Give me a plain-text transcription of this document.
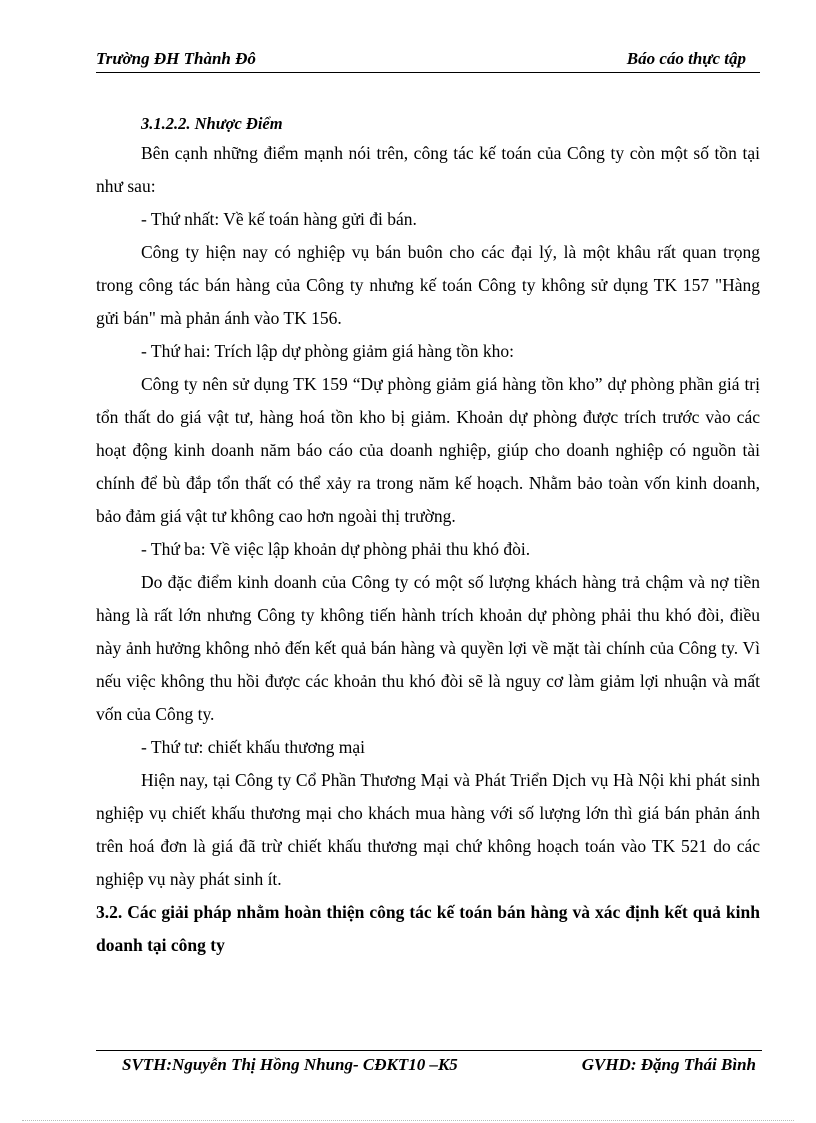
Trường ĐH Thành Đô	Báo cáo thực tập
3.1.2.2. Nhược Điểm

Bên cạnh những điểm mạnh nói trên, công tác kế toán của Công ty còn một số tồn tại như sau:

- Thứ nhất: Về kế toán hàng gửi đi bán.

Công ty hiện nay có nghiệp vụ bán buôn cho các đại lý, là một khâu rất quan trọng trong công tác bán hàng của Công ty nhưng kế toán Công ty không sử dụng TK 157 "Hàng gửi bán" mà phản ánh vào TK 156.

- Thứ hai: Trích lập dự phòng giảm giá hàng tồn kho:

Công ty nên sử dụng TK 159 “Dự phòng giảm giá hàng tồn kho” dự phòng phần giá trị tổn thất do giá vật tư, hàng hoá tồn kho bị giảm. Khoản dự phòng được trích trước vào các hoạt động kinh doanh năm báo cáo của doanh nghiệp, giúp cho doanh nghiệp có nguồn tài chính để bù đắp tổn thất có thể xảy ra trong năm kế hoạch. Nhằm bảo toàn vốn kinh doanh, bảo đảm giá vật tư không cao hơn ngoài thị trường.

- Thứ ba: Về việc lập khoản dự phòng phải thu khó đòi.

Do đặc điểm kinh doanh của Công ty có một số lượng khách hàng trả chậm và nợ tiền hàng là rất lớn nhưng Công ty không tiến hành trích khoản dự phòng phải thu khó đòi, điều này ảnh hưởng không nhỏ đến kết quả bán hàng và quyền lợi về mặt tài chính của Công ty. Vì nếu việc không thu hồi được các khoản thu khó đòi sẽ là nguy cơ làm giảm lợi nhuận và mất vốn của Công ty.

- Thứ tư: chiết khấu thương mại

Hiện nay, tại Công ty Cổ Phần Thương Mại và Phát Triển Dịch vụ Hà Nội khi phát sinh nghiệp vụ chiết khấu thương mại cho khách mua hàng với số lượng lớn thì giá bán phản ánh trên hoá đơn là giá đã trừ chiết khấu thương mại chứ không hoạch toán vào TK 521 do các nghiệp vụ này phát sinh ít.

3.2. Các giải pháp nhằm hoàn thiện công tác kế toán bán hàng và xác định kết quả kinh doanh tại công ty
SVTH:Nguyễn Thị Hồng Nhung- CĐKT10 –K5	GVHD: Đặng Thái Bình
